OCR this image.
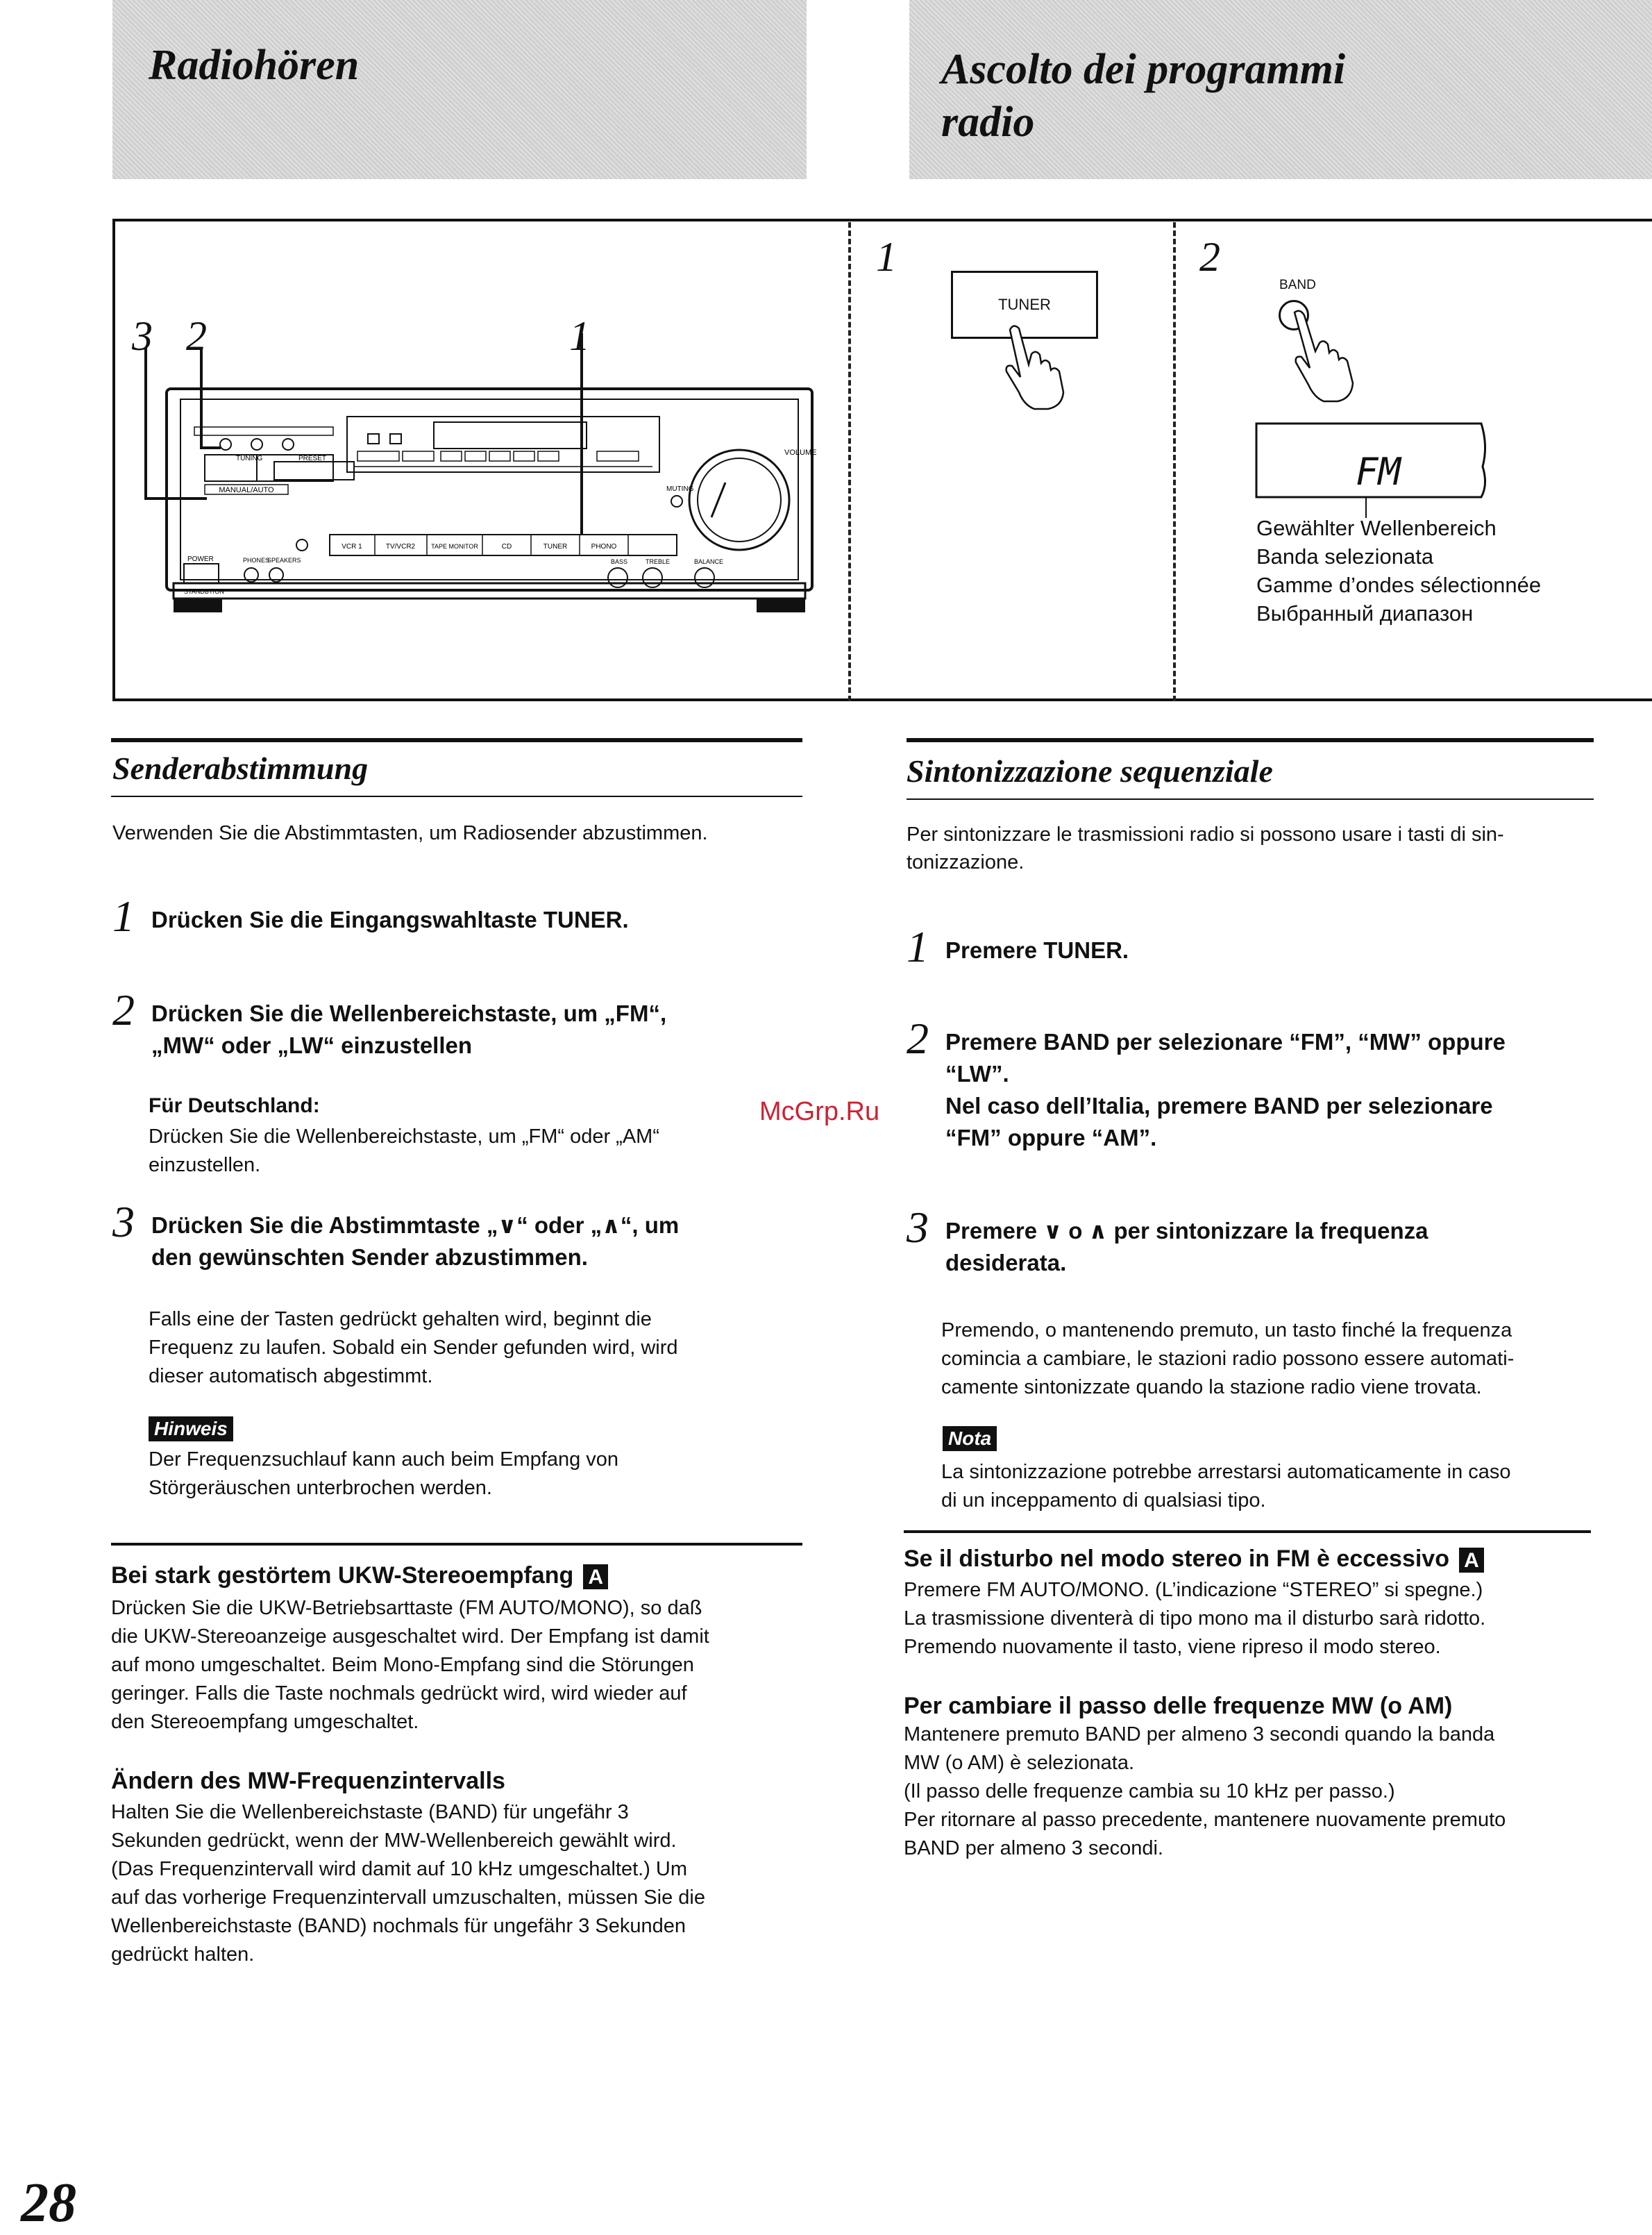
Radiohören	Ascolto dei programmi
radio
MANUAL/AUTO
TUNING	PRESET
VOLUME
MUTING
VCR 1	TV/VCR2	TAPE MONITOR	CD	TUNER	PHONO
POWER
STANDBY/ON
PHONES
SPEAKERS	BASS	TREBLE	BALANCE
3 2	1
1
TUNER
2
BAND
FM
Gewählter Wellenbereich
Banda selezionata
Gamme d’ondes sélectionnée
Выбранный диапазон
Senderabstimmung
Verwenden Sie die Abstimmtasten, um Radiosender abzustimmen.
1 Drücken Sie die Eingangswahltaste TUNER.
2 Drücken Sie die Wellenbereichstaste, um „FM“,
„MW“ oder „LW“ einzustellen
Für Deutschland:
Drücken Sie die Wellenbereichstaste, um „FM“ oder „AM“
einzustellen.
3 Drücken Sie die Abstimmtaste „∨“ oder „∧“, um
den gewünschten Sender abzustimmen.
Falls eine der Tasten gedrückt gehalten wird, beginnt die
Frequenz zu laufen. Sobald ein Sender gefunden wird, wird
dieser automatisch abgestimmt.
Hinweis
Der Frequenzsuchlauf kann auch beim Empfang von
Störgeräuschen unterbrochen werden.
Bei stark gestörtem UKW-Stereoempfang A
Drücken Sie die UKW-Betriebsarttaste (FM AUTO/MONO), so daß
die UKW-Stereoanzeige ausgeschaltet wird. Der Empfang ist damit
auf mono umgeschaltet. Beim Mono-Empfang sind die Störungen
geringer. Falls die Taste nochmals gedrückt wird, wird wieder auf
den Stereoempfang umgeschaltet.
Ändern des MW-Frequenzintervalls
Halten Sie die Wellenbereichstaste (BAND) für ungefähr 3
Sekunden gedrückt, wenn der MW-Wellenbereich gewählt wird.
(Das Frequenzintervall wird damit auf 10 kHz umgeschaltet.) Um
auf das vorherige Frequenzintervall umzuschalten, müssen Sie die
Wellenbereichstaste (BAND) nochmals für ungefähr 3 Sekunden
gedrückt halten.
McGrp.Ru
Sintonizzazione sequenziale
Per sintonizzare le trasmissioni radio si possono usare i tasti di sin-
tonizzazione.
1 Premere TUNER.
2 Premere BAND per selezionare “FM”, “MW” oppure
“LW”.
Nel caso dell’Italia, premere BAND per selezionare
“FM” oppure “AM”.
3 Premere ∨ o ∧ per sintonizzare la frequenza
desiderata.
Premendo, o mantenendo premuto, un tasto finché la frequenza
comincia a cambiare, le stazioni radio possono essere automati-
camente sintonizzate quando la stazione radio viene trovata.
Nota
La sintonizzazione potrebbe arrestarsi automaticamente in caso
di un inceppamento di qualsiasi tipo.
Se il disturbo nel modo stereo in FM è eccessivo A
Premere FM AUTO/MONO. (L’indicazione “STEREO” si spegne.)
La trasmissione diventerà di tipo mono ma il disturbo sarà ridotto.
Premendo nuovamente il tasto, viene ripreso il modo stereo.
Per cambiare il passo delle frequenze MW (o AM)
Mantenere premuto BAND per almeno 3 secondi quando la banda
MW (o AM) è selezionata.
(Il passo delle frequenze cambia su 10 kHz per passo.)
Per ritornare al passo precedente, mantenere nuovamente premuto
BAND per almeno 3 secondi.
28
